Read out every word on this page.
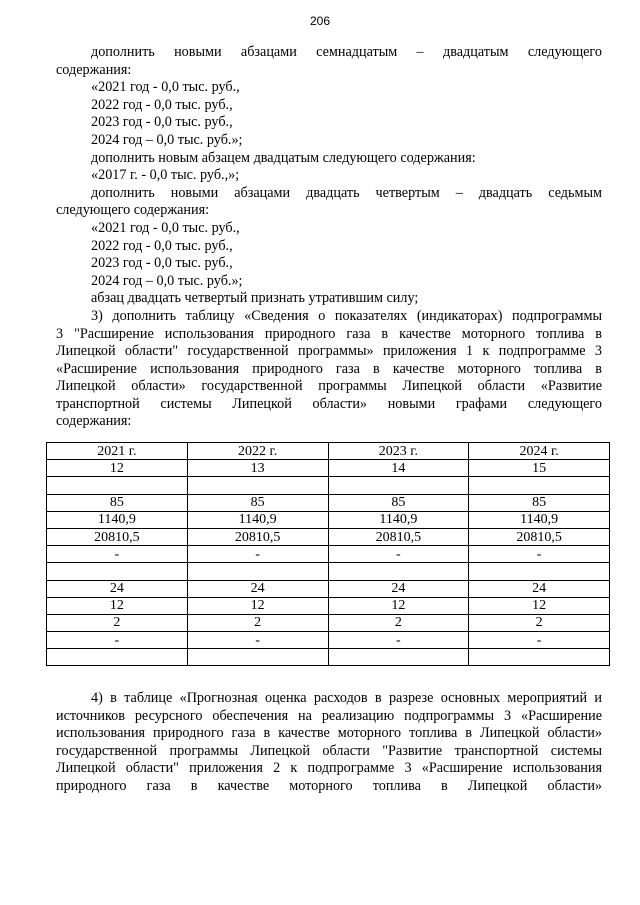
206

дополнить новыми абзацами семнадцатым – двадцатым следующего

содержания:

«2021 год - 0,0 тыс. руб.,

2022 год - 0,0 тыс. руб.,

2023 год - 0,0 тыс. руб.,

2024 год – 0,0 тыс. руб.»;

дополнить новым абзацем двадцатым следующего содержания:

«2017 г. - 0,0 тыс. руб.,»;

дополнить новыми абзацами двадцать четвертым – двадцать седьмым

следующего содержания:

«2021 год - 0,0 тыс. руб.,

2022 год - 0,0 тыс. руб.,

2023 год - 0,0 тыс. руб.,

2024 год – 0,0 тыс. руб.»;

абзац двадцать четвертый признать утратившим силу;

3) дополнить таблицу «Сведения о показателях (индикаторах) подпрограммы

3 "Расширение использования природного газа в качестве моторного топлива в

Липецкой области" государственной программы» приложения 1 к подпрограмме 3

«Расширение использования природного газа в качестве моторного топлива в

Липецкой области» государственной программы Липецкой области «Развитие

транспортной системы Липецкой области» новыми графами следующего

содержания:

2021 г.	2022 г.	2023 г.	2024 г.
12	13	14	15

85	85	85	85
1140,9	1140,9	1140,9	1140,9
20810,5	20810,5	20810,5	20810,5
-	-	-	-

24	24	24	24
12	12	12	12
2	2	2	2
-	-	-	-

4) в таблице «Прогнозная оценка расходов в разрезе основных мероприятий и

источников ресурсного обеспечения на реализацию подпрограммы 3 «Расширение

использования природного газа в качестве моторного топлива в Липецкой области»

государственной программы Липецкой области "Развитие транспортной системы

Липецкой области" приложения 2 к подпрограмме 3 «Расширение использования

природного газа в качестве моторного топлива в Липецкой области»
